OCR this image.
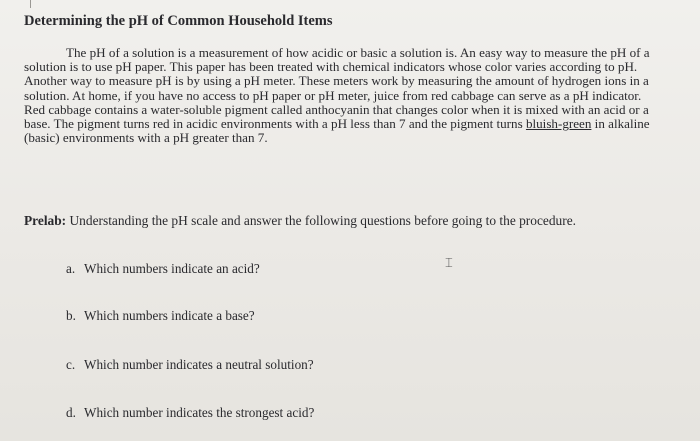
Determining the pH of Common Household Items

The pH of a solution is a measurement of how acidic or basic a solution is. An easy way to measure the pH of a solution is to use pH paper. This paper has been treated with chemical indicators whose color varies according to pH. Another way to measure pH is by using a pH meter. These meters work by measuring the amount of hydrogen ions in a solution. At home, if you have no access to pH paper or pH meter, juice from red cabbage can serve as a pH indicator. Red cabbage contains a water-soluble pigment called anthocyanin that changes color when it is mixed with an acid or a base. The pigment turns red in acidic environments with a pH less than 7 and the pigment turns bluish-green in alkaline (basic) environments with a pH greater than 7.

Prelab: Understanding the pH scale and answer the following questions before going to the procedure.

a. Which numbers indicate an acid?

b. Which numbers indicate a base?

c. Which number indicates a neutral solution?

d. Which number indicates the strongest acid?

⌶
